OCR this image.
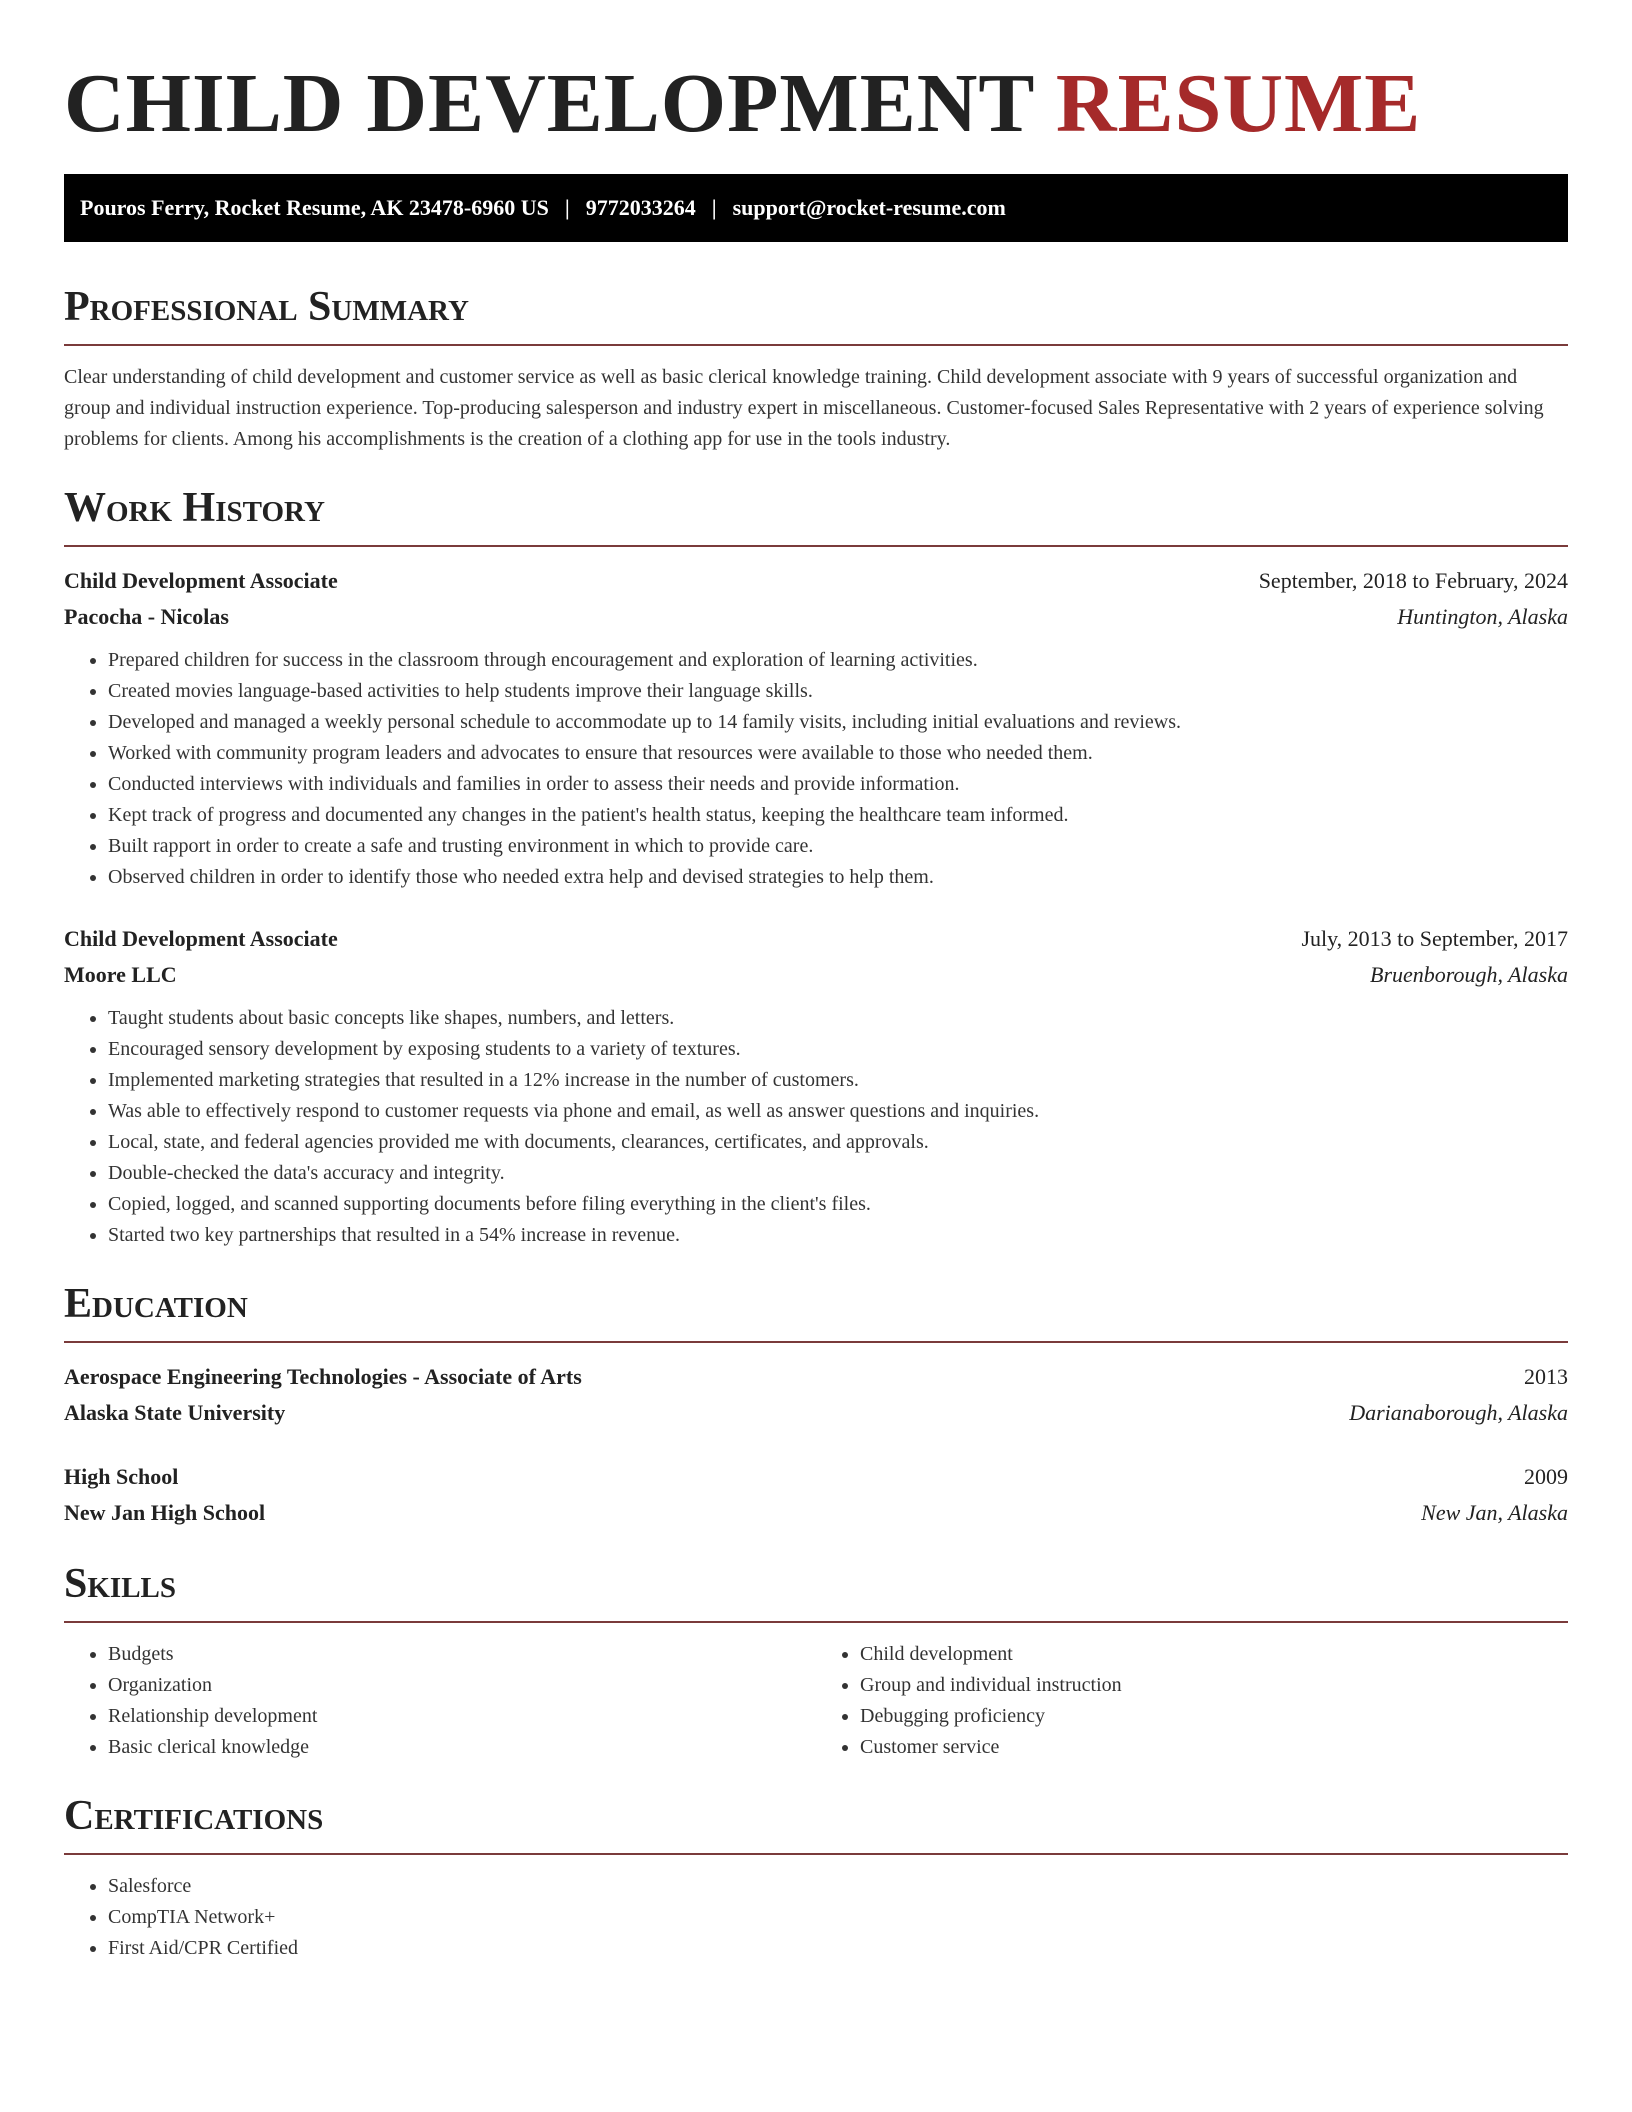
CHILD DEVELOPMENT RESUME
Pouros Ferry, Rocket Resume, AK 23478-6960 US | 9772033264 | support@rocket-resume.com
Professional Summary

Clear understanding of child development and customer service as well as basic clerical knowledge training. Child development associate with 9 years of successful organization and group and individual instruction experience. Top-producing salesperson and industry expert in miscellaneous. Customer-focused Sales Representative with 2 years of experience solving problems for clients. Among his accomplishments is the creation of a clothing app for use in the tools industry.

Work History
Child Development Associate	September, 2018 to February, 2024
Pacocha - Nicolas	Huntington, Alaska
• Prepared children for success in the classroom through encouragement and exploration of learning activities.
• Created movies language-based activities to help students improve their language skills.
• Developed and managed a weekly personal schedule to accommodate up to 14 family visits, including initial evaluations and reviews.
• Worked with community program leaders and advocates to ensure that resources were available to those who needed them.
• Conducted interviews with individuals and families in order to assess their needs and provide information.
• Kept track of progress and documented any changes in the patient's health status, keeping the healthcare team informed.
• Built rapport in order to create a safe and trusting environment in which to provide care.
• Observed children in order to identify those who needed extra help and devised strategies to help them.
Child Development Associate	July, 2013 to September, 2017
Moore LLC	Bruenborough, Alaska
• Taught students about basic concepts like shapes, numbers, and letters.
• Encouraged sensory development by exposing students to a variety of textures.
• Implemented marketing strategies that resulted in a 12% increase in the number of customers.
• Was able to effectively respond to customer requests via phone and email, as well as answer questions and inquiries.
• Local, state, and federal agencies provided me with documents, clearances, certificates, and approvals.
• Double-checked the data's accuracy and integrity.
• Copied, logged, and scanned supporting documents before filing everything in the client's files.
• Started two key partnerships that resulted in a 54% increase in revenue.
Education
Aerospace Engineering Technologies - Associate of Arts	2013
Alaska State University	Darianaborough, Alaska
High School	2009
New Jan High School	New Jan, Alaska
Skills
• Budgets
• Organization
• Relationship development
• Basic clerical knowledge
• Child development
• Group and individual instruction
• Debugging proficiency
• Customer service
Certifications
• Salesforce
• CompTIA Network+
• First Aid/CPR Certified
